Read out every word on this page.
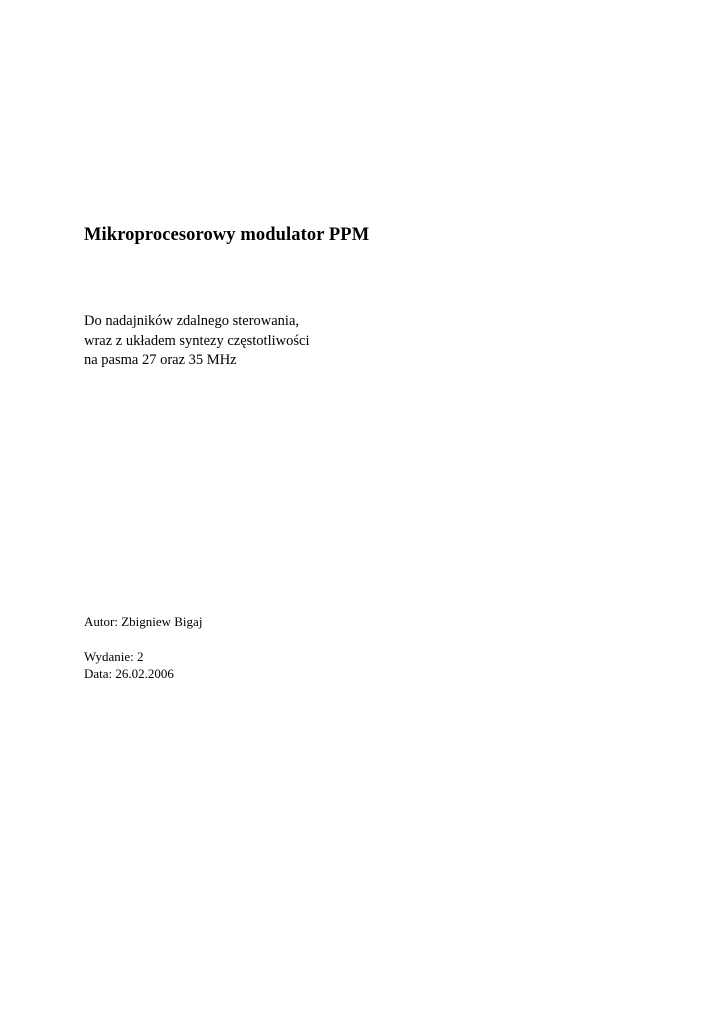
Mikroprocesorowy modulator PPM
Do nadajników zdalnego sterowania,
wraz z układem syntezy częstotliwości
na pasma 27 oraz 35 MHz
Autor: Zbigniew Bigaj
Wydanie: 2
Data: 26.02.2006
